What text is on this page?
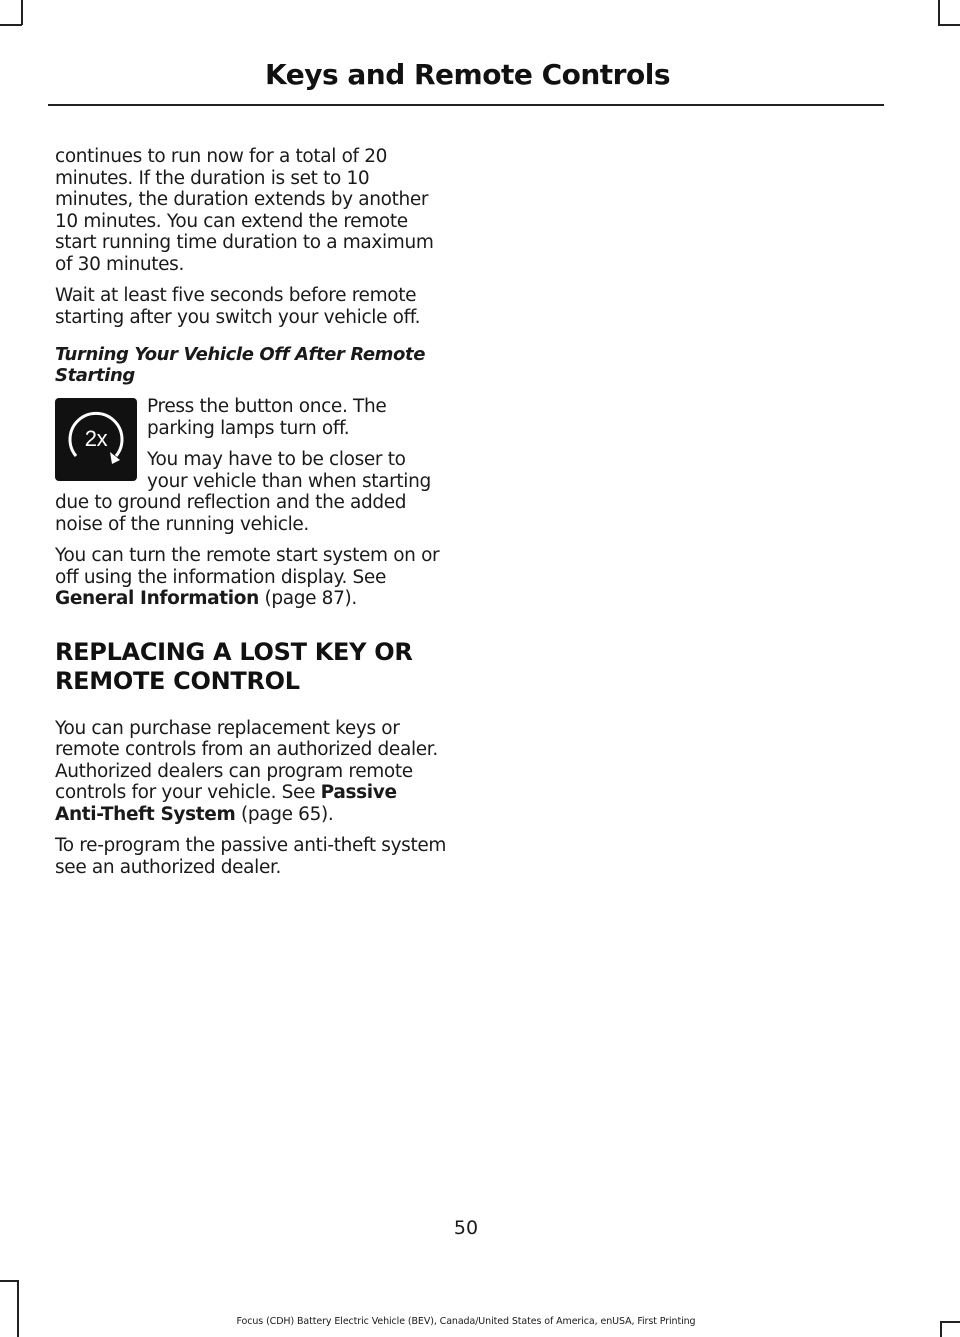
Keys and Remote Controls

continues to run now for a total of 20 minutes. If the duration is set to 10 minutes, the duration extends by another 10 minutes. You can extend the remote start running time duration to a maximum of 30 minutes.

Wait at least five seconds before remote starting after you switch your vehicle off.

Turning Your Vehicle Off After Remote Starting
2x

Press the button once. The parking lamps turn off.

You may have to be closer to your vehicle than when starting due to ground reflection and the added noise of the running vehicle.

You can turn the remote start system on or off using the information display. See General Information (page 87).

REPLACING A LOST KEY OR REMOTE CONTROL

You can purchase replacement keys or remote controls from an authorized dealer. Authorized dealers can program remote controls for your vehicle. See Passive Anti-Theft System (page 65).

To re-program the passive anti-theft system see an authorized dealer.

50
Focus (CDH) Battery Electric Vehicle (BEV), Canada/United States of America, enUSA, First Printing
